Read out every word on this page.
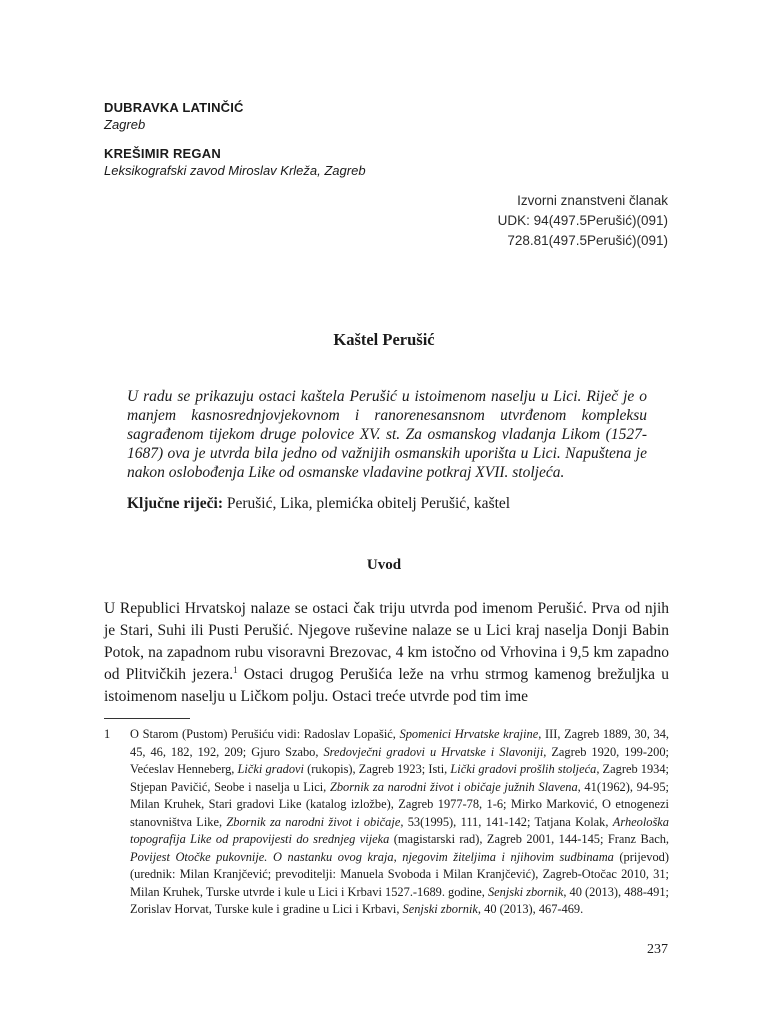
DUBRAVKA LATINČIĆ
Zagreb
KREŠIMIR REGAN
Leksikografski zavod Miroslav Krleža, Zagreb
Izvorni znanstveni članak
UDK: 94(497.5Perušić)(091)
728.81(497.5Perušić)(091)
Kaštel Perušić

U radu se prikazuju ostaci kaštela Perušić u istoimenom naselju u Lici. Riječ je o manjem kasnosrednjovjekovnom i ranorenesansnom utvrđenom kompleksu sagrađenom tijekom druge polovice XV. st. Za osmanskog vladanja Likom (1527-1687) ova je utvrda bila jedno od važnijih osmanskih uporišta u Lici. Napuštena je nakon oslobođenja Like od osmanske vladavine potkraj XVII. stoljeća.

Ključne riječi: Perušić, Lika, plemićka obitelj Perušić, kaštel

Uvod

U Republici Hrvatskoj nalaze se ostaci čak triju utvrda pod imenom Perušić. Prva od njih je Stari, Suhi ili Pusti Perušić. Njegove ruševine nalaze se u Lici kraj naselja Donji Babin Potok, na zapadnom rubu visoravni Brezovac, 4 km istočno od Vrhovina i 9,5 km zapadno od Plitvičkih jezera.$^1$ Ostaci drugog Perušića leže na vrhu strmog kamenog brežuljka u istoimenom naselju u Ličkom polju. Ostaci treće utvrde pod tim ime

1	O Starom (Pustom) Perušiću vidi: Radoslav Lopašić, Spomenici Hrvatske krajine, III, Zagreb 1889, 30, 34, 45, 46, 182, 192, 209; Gjuro Szabo, Sredovječni gradovi u Hrvatske i Slavoniji, Zagreb 1920, 199-200; Većeslav Henneberg, Lički gradovi (rukopis), Zagreb 1923; Isti, Lički gradovi prošlih stoljeća, Zagreb 1934; Stjepan Pavičić, Seobe i naselja u Lici, Zbornik za narodni život i običaje južnih Slavena, 41(1962), 94-95; Milan Kruhek, Stari gradovi Like (katalog izložbe), Zagreb 1977-78, 1-6; Mirko Marković, O etnogenezi stanovništva Like, Zbornik za narodni život i običaje, 53(1995), 111, 141-142; Tatjana Kolak, Arheološka topografija Like od prapovijesti do srednjeg vijeka (magistarski rad), Zagreb 2001, 144-145; Franz Bach, Povijest Otočke pukovnije. O nastanku ovog kraja, njegovim žiteljima i njihovim sudbinama (prijevod) (urednik: Milan Kranjčević; prevoditelji: Manuela Svoboda i Milan Kranjčević), Zagreb-Otočac 2010, 31; Milan Kruhek, Turske utvrde i kule u Lici i Krbavi 1527.-1689. godine, Senjski zbornik, 40 (2013), 488-491; Zorislav Horvat, Turske kule i gradine u Lici i Krbavi, Senjski zbornik, 40 (2013), 467-469.

237
